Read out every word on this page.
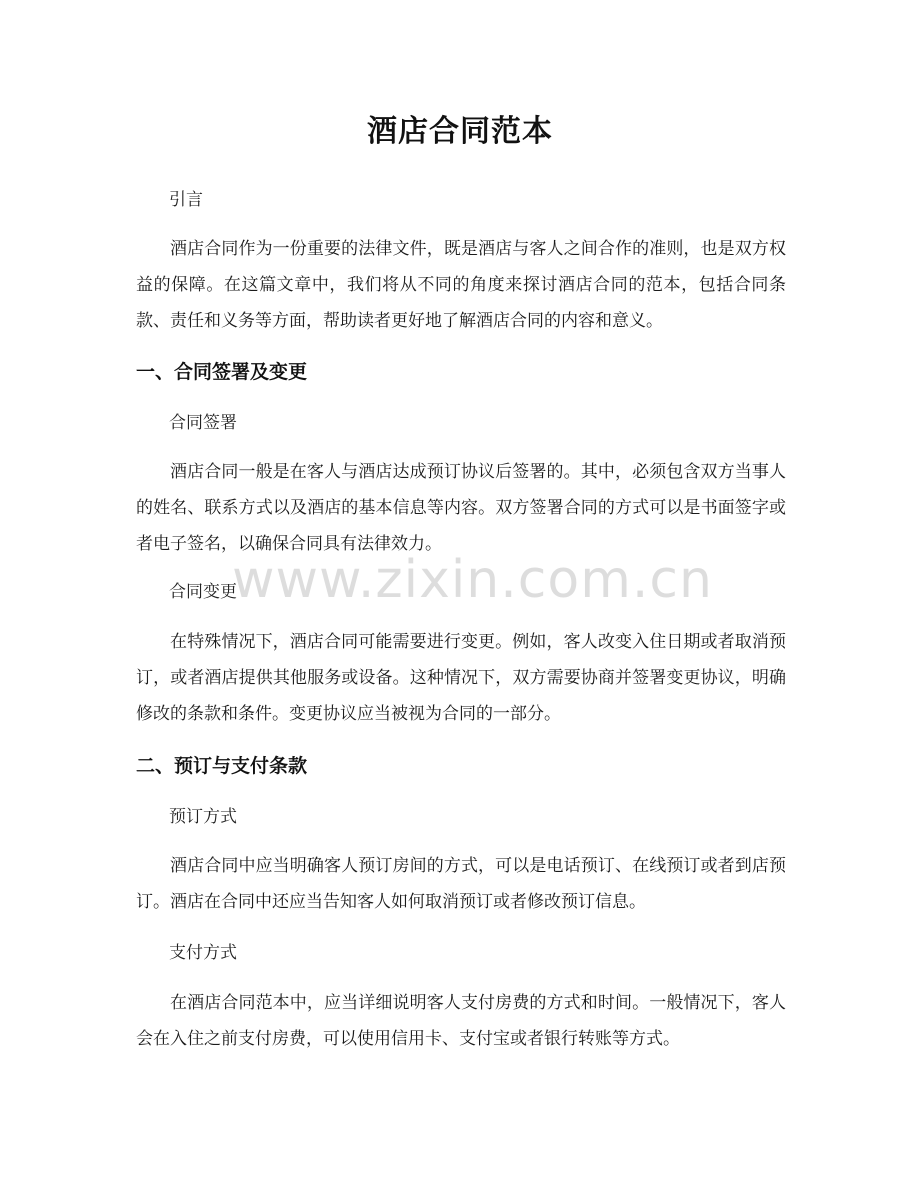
酒店合同范本
引言
酒店合同作为一份重要的法律文件，既是酒店与客人之间合作的准则，也是双方权益的保障。在这篇文章中，我们将从不同的角度来探讨酒店合同的范本，包括合同条款、责任和义务等方面，帮助读者更好地了解酒店合同的内容和意义。
一、合同签署及变更
合同签署
酒店合同一般是在客人与酒店达成预订协议后签署的。其中，必须包含双方当事人的姓名、联系方式以及酒店的基本信息等内容。双方签署合同的方式可以是书面签字或者电子签名，以确保合同具有法律效力。
合同变更
在特殊情况下，酒店合同可能需要进行变更。例如，客人改变入住日期或者取消预订，或者酒店提供其他服务或设备。这种情况下，双方需要协商并签署变更协议，明确修改的条款和条件。变更协议应当被视为合同的一部分。
二、预订与支付条款
预订方式
酒店合同中应当明确客人预订房间的方式，可以是电话预订、在线预订或者到店预订。酒店在合同中还应当告知客人如何取消预订或者修改预订信息。
支付方式
在酒店合同范本中，应当详细说明客人支付房费的方式和时间。一般情况下，客人会在入住之前支付房费，可以使用信用卡、支付宝或者银行转账等方式。
www.zixin.com.cn
